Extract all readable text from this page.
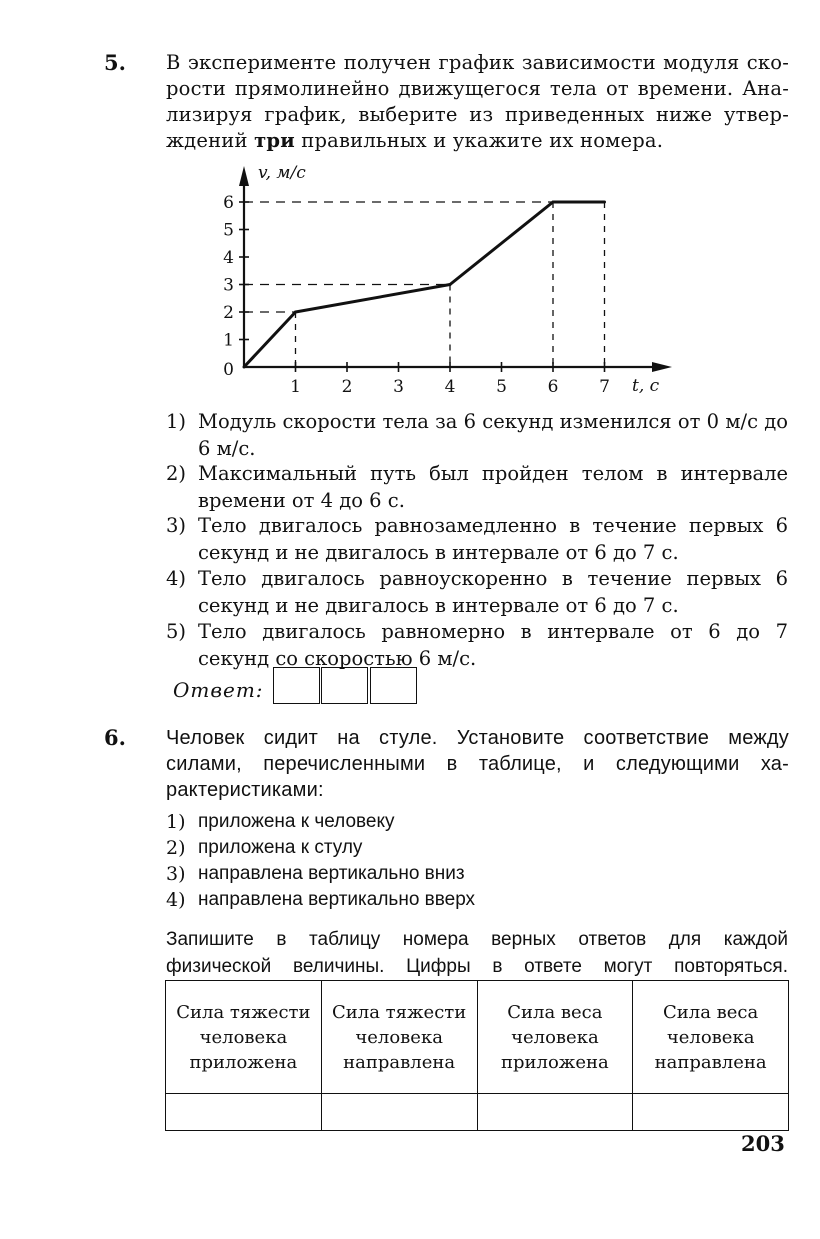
5. В эксперименте получен график зависимости модуля ско-
рости прямолинейно движущегося тела от времени. Ана-
лизируя график, выберите из приведенных ниже утвер-
ждений три правильных и укажите их номера.
1 2 3 4 5 6 7
1
2
3
4
5
6
0
v, м/с
t, с
1) Модуль скорости тела за 6 секунд изменился от 0 м/с до 6 м/с.
2) Максимальный путь был пройден телом в интервале времени от 4 до 6 с.
3) Тело двигалось равнозамедленно в течение первых 6 секунд и не двигалось в интервале от 6 до 7 с.
4) Тело двигалось равноускоренно в течение первых 6 секунд и не двигалось в интервале от 6 до 7 с.
5) Тело двигалось равномерно в интервале от 6 до 7 секунд со скоростью 6 м/с.
Ответ:
6. Человек сидит на стуле. Установите соответствие между
силами, перечисленными в таблице, и следующими ха-
рактеристиками:
1) приложена к человеку
2) приложена к стулу
3) направлена вертикально вниз
4) направлена вертикально вверх
Запишите в таблицу номера верных ответов для каждой
физической величины. Цифры в ответе могут повторяться.
Сила тяжести человека приложена	Сила тяжести человека направлена	Сила веса человека приложена	Сила веса человека направлена

203
